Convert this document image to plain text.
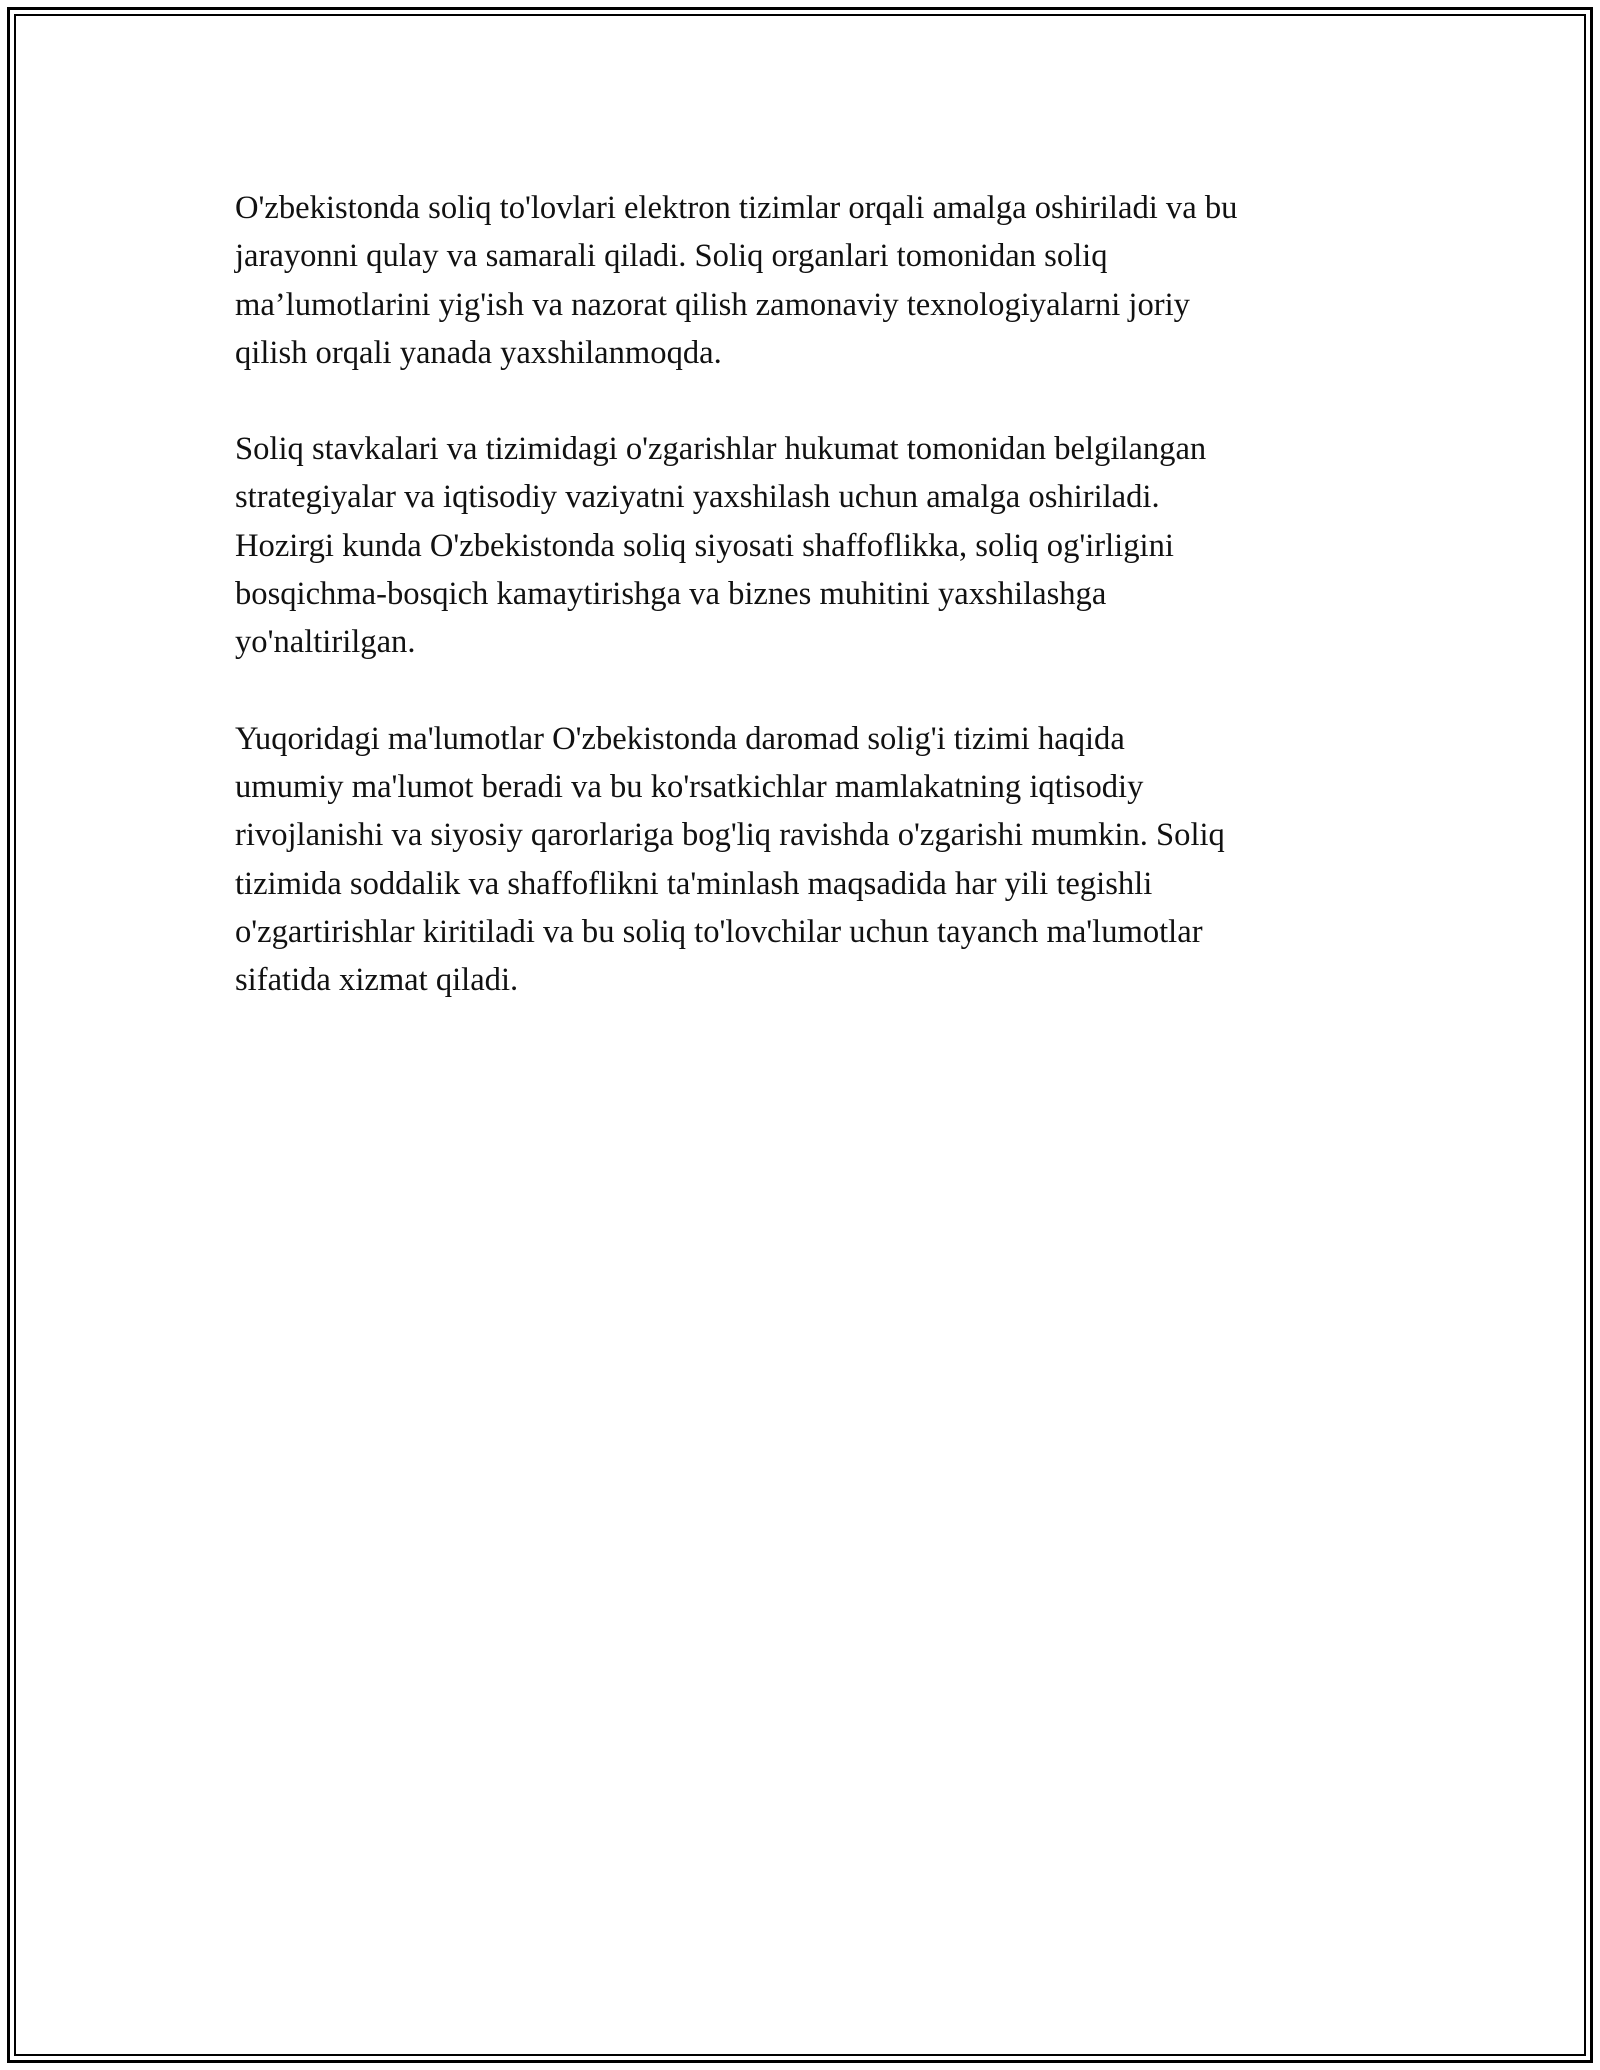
O'zbekistonda soliq to'lovlari elektron tizimlar orqali amalga oshiriladi va bu
jarayonni qulay va samarali qiladi. Soliq organlari tomonidan soliq
ma’lumotlarini yig'ish va nazorat qilish zamonaviy texnologiyalarni joriy
qilish orqali yanada yaxshilanmoqda.

Soliq stavkalari va tizimidagi o'zgarishlar hukumat tomonidan belgilangan
strategiyalar va iqtisodiy vaziyatni yaxshilash uchun amalga oshiriladi.
Hozirgi kunda O'zbekistonda soliq siyosati shaffoflikka, soliq og'irligini
bosqichma-bosqich kamaytirishga va biznes muhitini yaxshilashga
yo'naltirilgan.

Yuqoridagi ma'lumotlar O'zbekistonda daromad solig'i tizimi haqida
umumiy ma'lumot beradi va bu ko'rsatkichlar mamlakatning iqtisodiy
rivojlanishi va siyosiy qarorlariga bog'liq ravishda o'zgarishi mumkin. Soliq
tizimida soddalik va shaffoflikni ta'minlash maqsadida har yili tegishli
o'zgartirishlar kiritiladi va bu soliq to'lovchilar uchun tayanch ma'lumotlar
sifatida xizmat qiladi.
